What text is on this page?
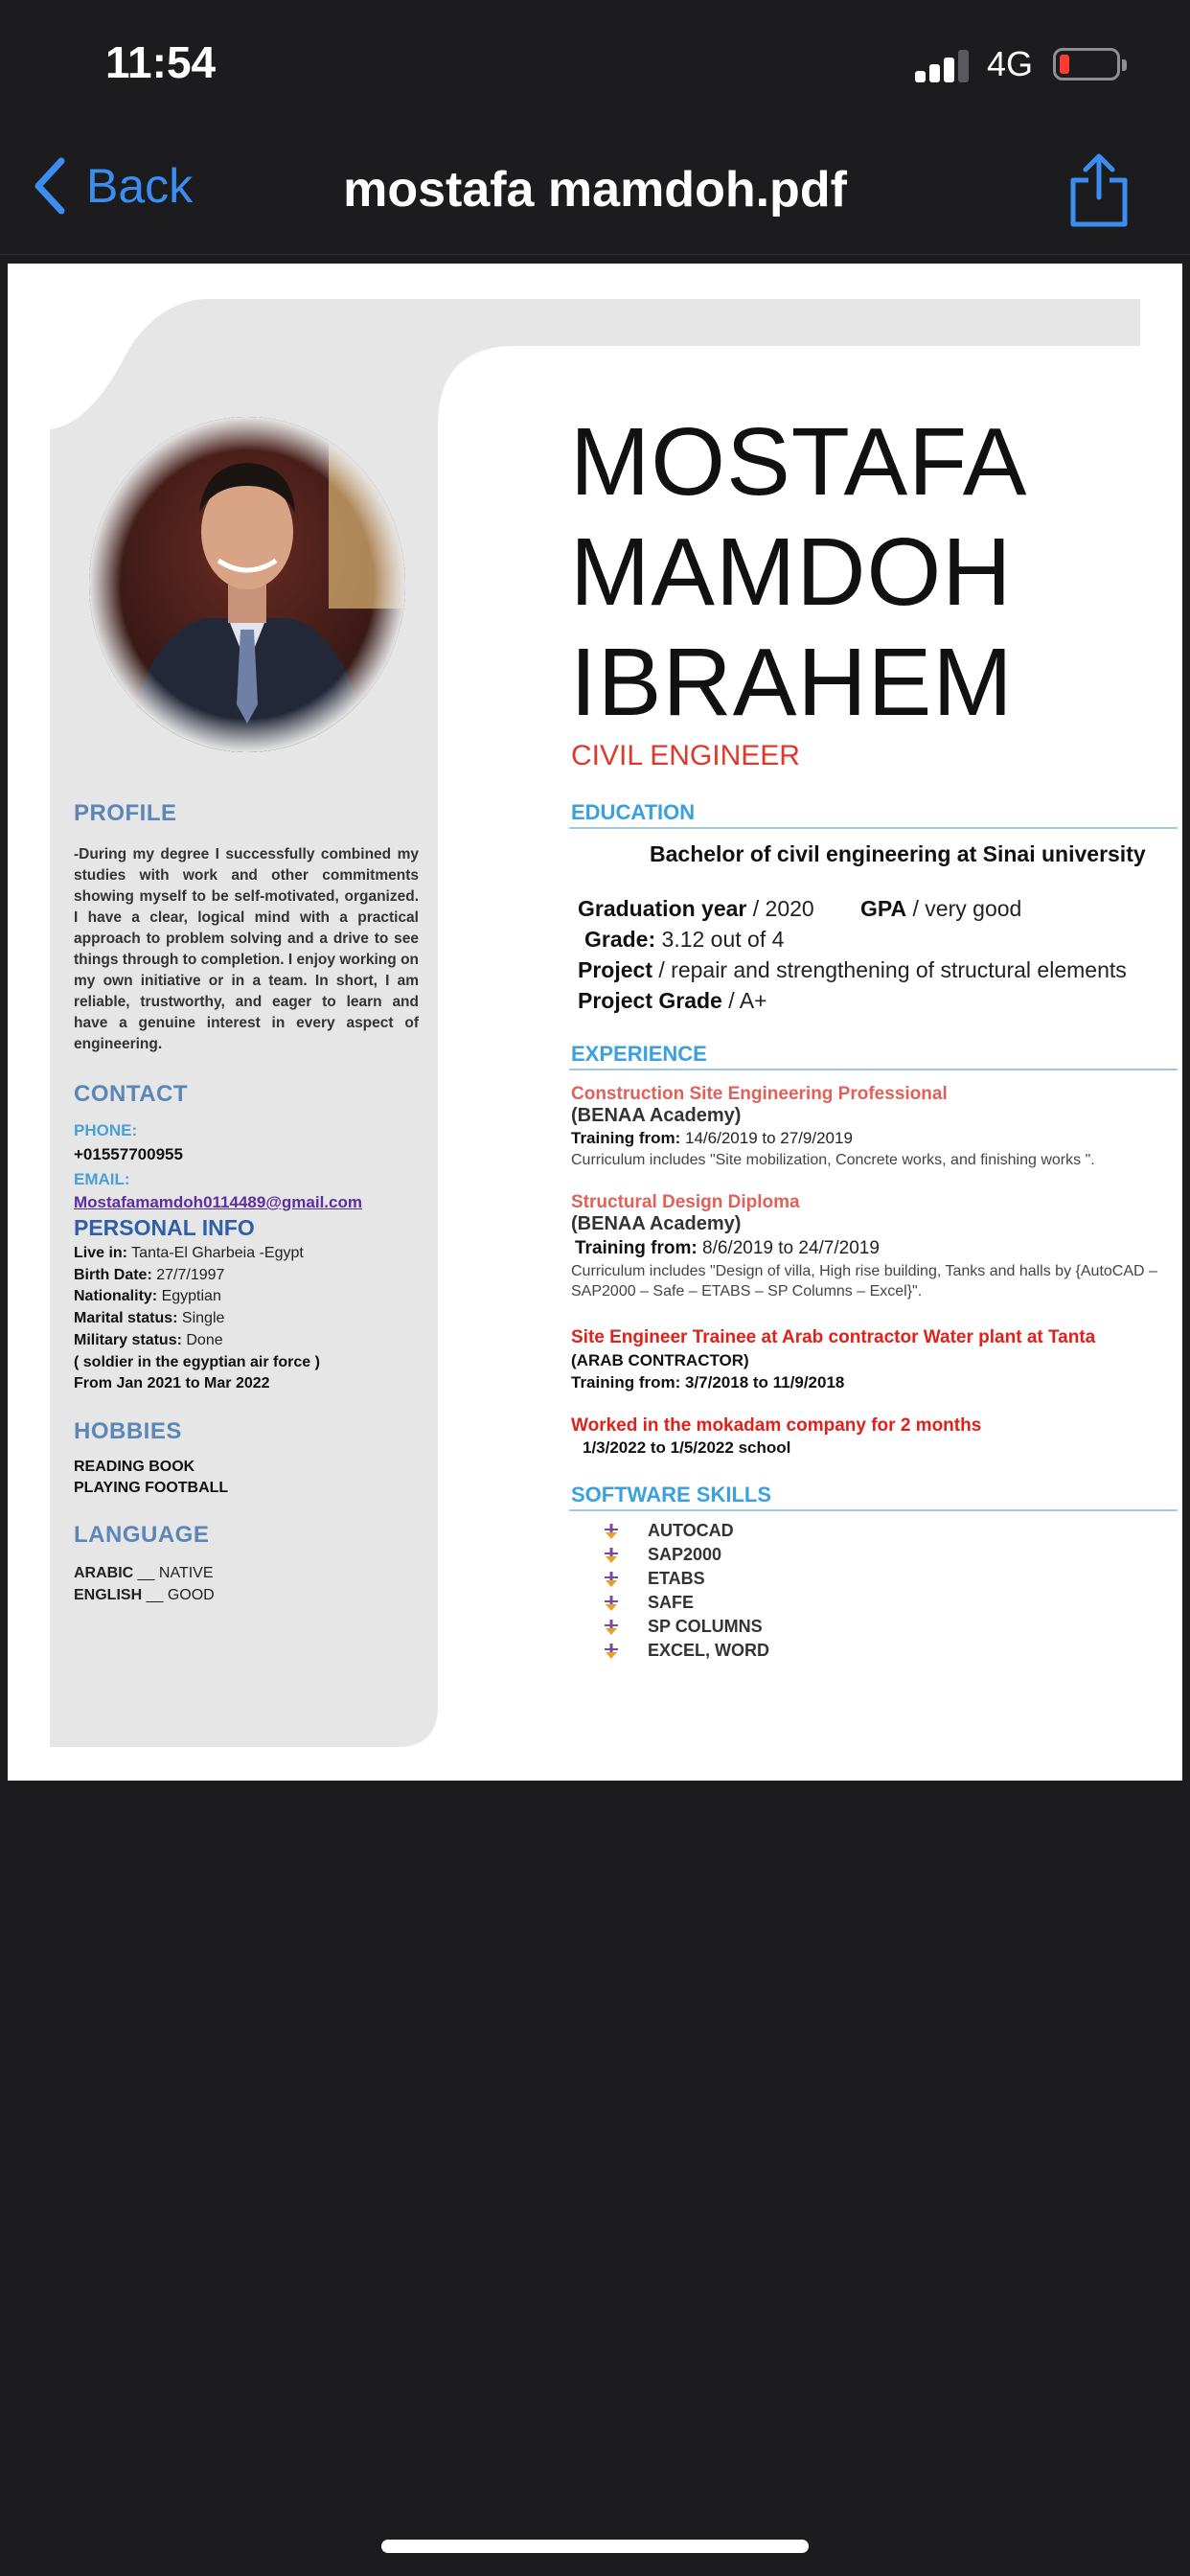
11:54	4G
Back	mostafa mamdoh.pdf
PROFILE
-During my degree I successfully combined my studies with work and other commitments showing myself to be self-motivated, organized. I have a clear, logical mind with a practical approach to problem solving and a drive to see things through to completion. I enjoy working on my own initiative or in a team. In short, I am reliable, trustworthy, and eager to learn and have a genuine interest in every aspect of engineering.
CONTACT
PHONE:
+01557700955
EMAIL:
Mostafamamdoh0114489@gmail.com
PERSONAL INFO
Live in: Tanta-El Gharbeia -Egypt
Birth Date: 27/7/1997
Nationality: Egyptian
Marital status: Single
Military status: Done
( soldier in the egyptian air force )
From Jan 2021 to Mar 2022
HOBBIES
READING BOOK
PLAYING FOOTBALL
LANGUAGE
ARABIC __ NATIVE
ENGLISH __ GOOD
MOSTAFA
MAMDOH
IBRAHEM
CIVIL ENGINEER
EDUCATION
Bachelor of civil engineering at Sinai university
Graduation year / 2020 GPA / very good
Grade: 3.12 out of 4
Project / repair and strengthening of structural elements
Project Grade / A+
EXPERIENCE
Construction Site Engineering Professional
(BENAA Academy)
Training from: 14/6/2019 to 27/9/2019
Curriculum includes "Site mobilization, Concrete works, and finishing works ".
Structural Design Diploma
(BENAA Academy)
Training from: 8/6/2019 to 24/7/2019
Curriculum includes "Design of villa, High rise building, Tanks and halls by {AutoCAD – SAP2000 – Safe – ETABS – SP Columns – Excel}".
Site Engineer Trainee at Arab contractor Water plant at Tanta
(ARAB CONTRACTOR)
Training from: 3/7/2018 to 11/9/2018
Worked in the mokadam company for 2 months
1/3/2022 to 1/5/2022 school
SOFTWARE SKILLS
AUTOCAD
SAP2000
ETABS
SAFE
SP COLUMNS
EXCEL, WORD
